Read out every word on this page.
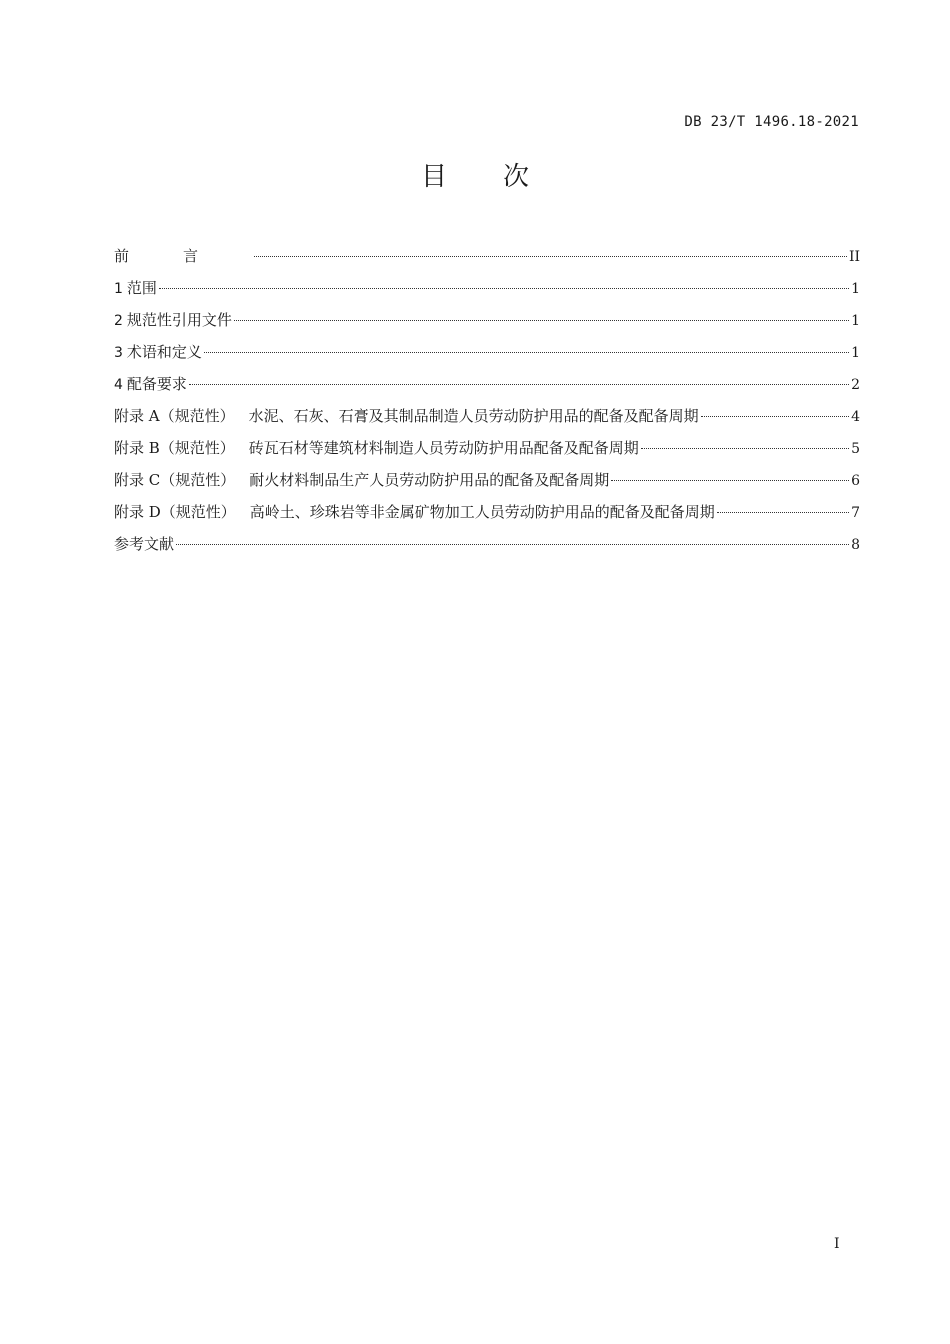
DB 23/T 1496.18-2021
目次
前言	II
1 范围	1
2 规范性引用文件	1
3 术语和定义	1
4 配备要求	2
附录 A（规范性） 水泥、石灰、石膏及其制品制造人员劳动防护用品的配备及配备周期	4
附录 B（规范性） 砖瓦石材等建筑材料制造人员劳动防护用品配备及配备周期	5
附录 C（规范性） 耐火材料制品生产人员劳动防护用品的配备及配备周期	6
附录 D（规范性） 高岭土、珍珠岩等非金属矿物加工人员劳动防护用品的配备及配备周期	7
参考文献	8
I
